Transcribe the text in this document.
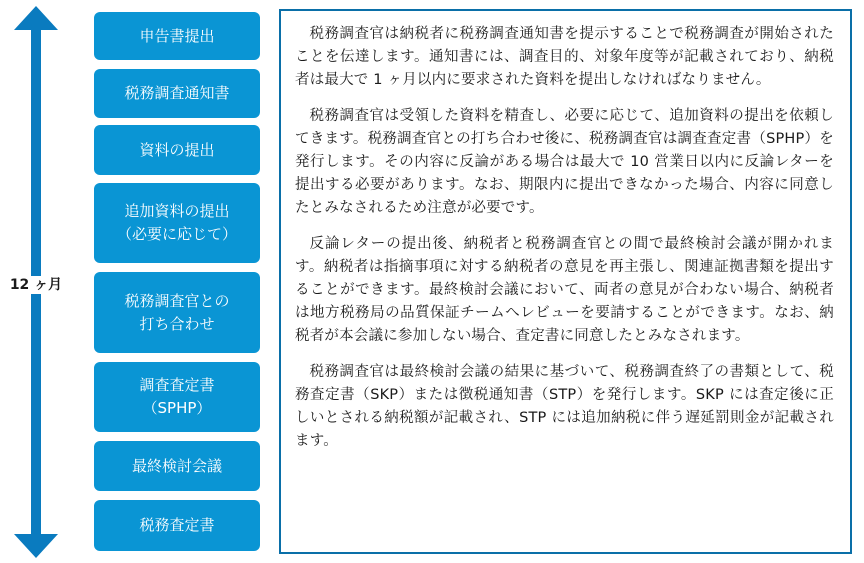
12 ヶ月
申告書提出
税務調査通知書
資料の提出
追加資料の提出
（必要に応じて）
税務調査官との
打ち合わせ
調査査定書
（SPHP）
最終検討会議
税務査定書

税務調査官は納税者に税務調査通知書を提示することで税務調査が開始されたことを伝達します。通知書には、調査目的、対象年度等が記載されており、納税者は最大で 1 ヶ月以内に要求された資料を提出しなければなりません。

税務調査官は受領した資料を精査し、必要に応じて、追加資料の提出を依頼してきます。税務調査官との打ち合わせ後に、税務調査官は調査査定書（SPHP）を発行します。その内容に反論がある場合は最大で 10 営業日以内に反論レターを提出する必要があります。なお、期限内に提出できなかった場合、内容に同意したとみなされるため注意が必要です。

反論レターの提出後、納税者と税務調査官との間で最終検討会議が開かれます。納税者は指摘事項に対する納税者の意見を再主張し、関連証拠書類を提出することができます。最終検討会議において、両者の意見が合わない場合、納税者は地方税務局の品質保証チームへレビューを要請することができます。なお、納税者が本会議に参加しない場合、査定書に同意したとみなされます。

税務調査官は最終検討会議の結果に基づいて、税務調査終了の書類として、税務査定書（SKP）または徴税通知書（STP）を発行します。SKP には査定後に正しいとされる納税額が記載され、STP には追加納税に伴う遅延罰則金が記載されます。
